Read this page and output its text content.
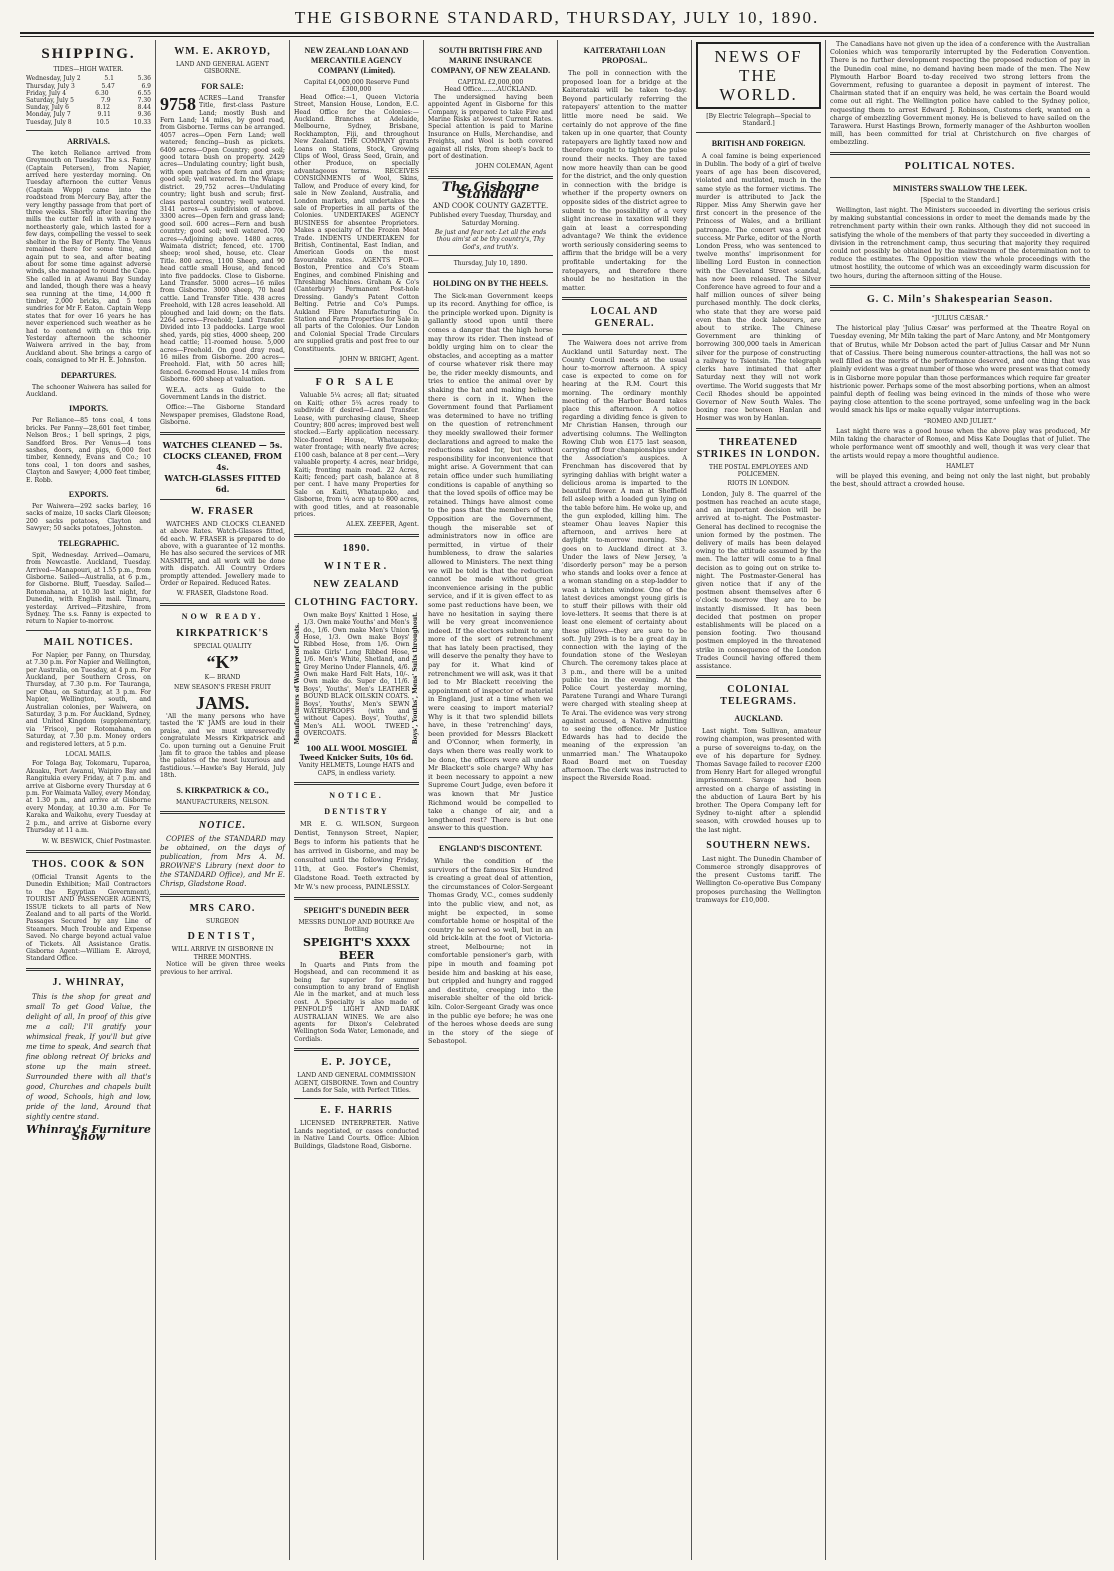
THE GISBORNE STANDARD, THURSDAY, JULY 10, 1890.
SHIPPING.
TIDES—HIGH WATER.
Wednesday, July 2	5.1	5.36
Thursday, July 3	5.47	6.9
Friday, July 4	6.30	6.55
Saturday, July 5	7.9	7.30
Sunday, July 6	8.12	8.44
Monday, July 7	9.11	9.36
Tuesday, July 8	10.5	10.33
ARRIVALS.

The ketch Reliance arrived from Greymouth on Tuesday. The s.s. Fanny (Captain Petersen), from Napier, arrived here yesterday morning. On Tuesday afternoon the cutter Venus (Captain Wepp) came into the roadstead from Mercury Bay, after the very lengthy passage from that port of three weeks. Shortly after leaving the mills the cutter fell in with a heavy northeasterly gale, which lasted for a few days, compelling the vessel to seek shelter in the Bay of Plenty. The Venus remained there for some time, and again put to sea, and after beating about for some time against adverse winds, she managed to round the Cape. She called in at Awanui Bay Sunday and landed, though there was a heavy sea running at the time, 14,000 ft timber, 2,000 bricks, and 5 tons sundries for Mr F. Eaton. Captain Wepp states that for over 16 years he has never experienced such weather as he had to contend with on this trip. Yesterday afternoon the schooner Waiwera arrived in the bay, from Auckland about. She brings a cargo of coals, consigned to Mr H. E. Johnston.

DEPARTURES.

The schooner Waiwera has sailed for Auckland.

IMPORTS.

Per Reliance—85 tons coal, 4 tons bricks. Per Fanny—28,601 feet timber, Nelson Bros.; 1 bell springs, 2 pigs, Sandford Bros. Per Venus—4 tons sashes, doors, and pigs, 6,000 feet timber, Kennedy, Evans and Co.; 10 tons coal, 1 ton doors and sashes, Clayton and Sawyer; 4,000 feet timber, E. Robb.

EXPORTS.

Per Waiwera—292 sacks barley, 16 sacks of maize, 10 sacks Clark Gleeson; 200 sacks potatoes, Clayton and Sawyer; 50 sacks potatoes, Johnston.

TELEGRAPHIC.

Spit, Wednesday. Arrived—Oamaru, from Newcastle. Auckland, Tuesday. Arrived—Manapouri, at 1.55 p.m., from Gisborne. Sailed—Australia, at 6 p.m., for Gisborne. Bluff, Tuesday. Sailed—Rotomahana, at 10.30 last night, for Dunedin, with English mail. Timaru, yesterday. Arrived—Fitzshire, from Sydney. The s.s. Fanny is expected to return to Napier to-morrow.

MAIL NOTICES.

For Napier, per Fanny, on Thursday, at 7.30 p.m. For Napier and Wellington, per Australia, on Tuesday, at 4 p.m. For Auckland, per Southern Cross, on Thursday, at 7.30 p.m. For Tauranga, per Ohau, on Saturday, at 3 p.m. For Napier, Wellington, south, and Australian colonies, per Waiwera, on Saturday, 3 p.m. For Auckland, Sydney, and United Kingdom (supplementary, via 'Frisco), per Rotomahana, on Saturday, at 7.30 p.m. Money orders and registered letters, at 5 p.m.

LOCAL MAILS.

For Tolaga Bay, Tokomaru, Tuparoa, Akuaku, Port Awanui, Waipiro Bay and Rangitukia every Friday, at 7 p.m. and arrive at Gisborne every Thursday at 6 p.m. For Waimata Valley, every Monday, at 1.30 p.m., and arrive at Gisborne every Monday, at 10.30 a.m. For Te Karaka and Waikohu, every Tuesday at 2 p.m., and arrive at Gisborne every Thursday at 11 a.m.

W. W. BESWICK, Chief Postmaster.
THOS. COOK & SON

(Official Transit Agents to the Dunedin Exhibition; Mail Contractors to the Egyptian Government), TOURIST AND PASSENGER AGENTS, ISSUE tickets to all parts of New Zealand and to all parts of the World. Passages Secured by any Line of Steamers. Much Trouble and Expense Saved. No charge beyond actual value of Tickets. All Assistance Gratis. Gisborne Agent:—William E. Akroyd, Standard Office.

J. WHINRAY,

This is the shop for great and small To get Good Value, the delight of all, In proof of this give me a call; I'll gratify your whimsical freak, If you'll but give me time to speak, And search that fine oblong retreat Of bricks and stone up the main street. Surrounded there with all that's good, Churches and chapels built of wood, Schools, high and low, pride of the land, Around that sightly centre stand.

Whinray's Furniture Show
WM. E. AKROYD,
LAND AND GENERAL AGENT GISBORNE.
FOR SALE:
9758 ACRES—Land Transfer Title, first-class Pasture Land; mostly Bush and Fern Land; 14 miles, by good road, from Gisborne. Terms can be arranged. 4057 acres—Open Fern Land; well watered; fencing—bush as pickets. 6409 acres—Open Country; good soil; good totara bush on property. 2429 acres—Undulating country; light bush, with open patches of fern and grass; good soil; well watered. In the Waiapu district. 29,752 acres—Undulating country; light bush and scrub; first-class pastoral country; well watered. 3141 acres—A subdivision of above. 3300 acres—Open fern and grass land; good soil. 600 acres—Fern and bush country; good soil; well watered. 700 acres—Adjoining above. 1480 acres, Waimata district; fenced, etc. 1700 sheep; wool shed, house, etc. Clear Title. 800 acres, 1100 Sheep, and 90 head cattle small House, and fenced into five paddocks. Close to Gisborne. Land Transfer. 5000 acres—16 miles from Gisborne. 3000 sheep, 70 head cattle. Land Transfer Title. 438 acres Freehold, with 128 acres leasehold. All ploughed and laid down; on the flats. 2264 acres—Freehold; Land Transfer. Divided into 13 paddocks. Large wool shed, yards, pig sties, 4000 sheep, 200 head cattle; 11-roomed house. 5,000 acres—Freehold. On good dray road, 16 miles from Gisborne. 200 acres—Freehold. Flat, with 50 acres hill; fenced. 6-roomed House. 14 miles from Gisborne. 600 sheep at valuation.

W.E.A. acts as Guide to the Government Lands in the district.

Office:—The Gisborne Standard Newspaper premises, Gladstone Road, Gisborne.

WATCHES CLEANED — 5s.
CLOCKS CLEANED, FROM 4s.
WATCH-GLASSES FITTED 6d.
W. FRASER

WATCHES AND CLOCKS CLEANED at above Rates. Watch-Glasses fitted, 6d each. W. FRASER is prepared to do above, with a guarantee of 12 months. He has also secured the services of MR NASMITH, and all work will be done with dispatch. All Country Orders promptly attended. Jewellery made to Order or Repaired. Reduced Rates.

W. FRASER, Gladstone Road.
NOW READY.
KIRKPATRICK'S
SPECIAL QUALITY
“K”
K— BRAND
NEW SEASON'S FRESH FRUIT
JAMS.

'All the many persons who have tasted the 'K' JAMS are loud in their praise, and we must unreservedly congratulate Messrs Kirkpatrick and Co. upon turning out a Genuine Fruit Jam fit to grace the tables and please the palates of the most luxurious and fastidious.'—Hawke's Bay Herald, July 18th.

S. KIRKPATRICK & CO.,
MANUFACTURERS, NELSON.
NOTICE.

COPIES of the STANDARD may be obtained, on the days of publication, from Mrs A. M. BROWNE'S Library (next door to the STANDARD Office), and Mr E. Chrisp, Gladstone Road.

MRS CARO.
SURGEON
DENTIST,
WILL ARRIVE IN GISBORNE IN THREE MONTHS.

Notice will be given three weeks previous to her arrival.

NEW ZEALAND LOAN AND MERCANTILE AGENCY COMPANY (Limited).
Capital £4,000,000 Reserve Fund £300,000

Head Office:—1, Queen Victoria Street, Mansion House, London, E.C. Head Office for the Colonies:—Auckland. Branches at Adelaide, Melbourne, Sydney, Brisbane, Rockhampton, Fiji, and throughout New Zealand. THE COMPANY grants Loans on Stations, Stock, Growing Clips of Wool, Grass Seed, Grain, and other Produce, on specially advantageous terms. RECEIVES CONSIGNMENTS of Wool, Skins, Tallow, and Produce of every kind, for sale in New Zealand, Australia, and London markets, and undertakes the sale of Properties in all parts of the Colonies. UNDERTAKES AGENCY BUSINESS for absentee Proprietors. Makes a specialty of the Frozen Meat Trade. INDENTS UNDERTAKEN for British, Continental, East Indian, and American Goods on the most favourable rates. AGENTS FOR— Boston, Prentice and Co's Steam Engines, and combined Finishing and Threshing Machines. Graham & Co's (Canterbury) Permanent Post-hole Dressing. Gandy's Patent Cotton Belting. Petrie and Co's Pumps. Aukland Fibre Manufacturing Co. Station and Farm Properties for Sale in all parts of the Colonies. Our London and Colonial Special Trade Circulars are supplied gratis and post free to our Constituents.

JOHN W. BRIGHT, Agent.
FOR SALE

Valuable 5¼ acres; all flat; situated on Kaiti; other 5¼ acres ready to subdivide if desired—Land Transfer. Lease, with purchasing clause, Sheep Country; 800 acres; improved best well stocked.—Early application necessary. Nice-floored House, Whataupoko; water frontage; with nearly five acres; £100 cash, balance at 8 per cent.—Very valuable property. 4 acres, near bridge, Kaiti; fronting main road. 22 Acres, Kaiti; fenced; part cash, balance at 8 per cent. I have many Properties for Sale on Kaiti, Whataupoko, and Gisborne, from ¼ acre up to 800 acres, with good titles, and at reasonable prices.

ALEX. ZEEFER, Agent.
1890.
WINTER.
NEW ZEALAND
CLOTHING FACTORY.
Manufacturers of Waterproof Coats.

Own make Boys' Knitted 1 Hose, 1/3. Own make Youths' and Men's do., 1/6. Own make Men's Union Hose, 1/3. Own make Boys' Ribbed Hose, from 1/6. Own make Girls' Long Ribbed Hose, 1/6. Men's White, Shetland, and Grey Merino Under Flannels, 4/6. Own make Hard Felt Hats, 10/-. Own make do. Super do, 11/6. Boys', Youths', Men's LEATHER BOUND BLACK OILSKIN COATS. Boys', Youths', Men's SEWN WATERPROOFS (with and without Capes). Boys', Youths', Men's ALL WOOL TWEED OVERCOATS.	Boys', Youths', Mens' Suits throughout.
100 ALL WOOL MOSGIEL Tweed Knicker Suits, 10s 6d.
Vanity HELMETS, Lounge HATS and CAPS, in endless variety.
NOTICE.
DENTISTRY

MR E. G. WILSON, Surgeon Dentist, Tennyson Street, Napier, Begs to inform his patients that he has arrived in Gisborne, and may be consulted until the following Friday, 11th, at Geo. Foster's Chemist, Gladstone Road. Teeth extracted by Mr W.'s new process, PAINLESSLY.

SPEIGHT'S DUNEDIN BEER
MESSRS DUNLOP AND BOURKE Are Bottling
SPEIGHT'S XXXX BEER

In Quarts and Pints from the Hogshead, and can recommend it as being far superior for summer consumption to any brand of English Ale in the market, and at much less cost. A Specialty is also made of PENFOLD'S LIGHT AND DARK AUSTRALIAN WINES. We are also agents for Dixon's Celebrated Wellington Soda Water, Lemonade, and Cordials.

E. P. JOYCE,

LAND AND GENERAL COMMISSION AGENT, GISBORNE. Town and Country Lands for Sale, with Perfect Titles.

E. F. HARRIS

LICENSED INTERPRETER. Native Lands negotiated, or cases conducted in Native Land Courts. Office: Albion Buildings, Gladstone Road, Gisborne.

SOUTH BRITISH FIRE AND MARINE INSURANCE COMPANY, OF NEW ZEALAND.
CAPITAL £2,000,000
Head Office........AUCKLAND.

The undersigned having been appointed Agent in Gisborne for this Company, is prepared to take Fire and Marine Risks at lowest Current Rates. Special attention is paid to Marine Insurance on Hulls, Merchandise, and Freights, and Wool is both covered against all risks, from sheep's back to port of destination.

JOHN COLEMAN, Agent
The Gisborne Standard
AND COOK COUNTY GAZETTE.
Published every Tuesday, Thursday, and Saturday Morning.
Be just and fear not: Let all the ends thou aim'st at be thy country's, Thy God's, and truth's.
Thursday, July 10, 1890.
HOLDING ON BY THE HEELS.

The Sick-man Government keeps up its record. Anything for office, is the principle worked upon. Dignity is gallantly stood upon until there comes a danger that the high horse may throw its rider. Then instead of boldly urging him on to clear the obstacles, and accepting as a matter of course whatever risk there may be, the rider meekly dismounts, and tries to entice the animal over by shaking the hat and making believe there is corn in it. When the Government found that Parliament was determined to have no trifling on the question of retrenchment they meekly swallowed their former declarations and agreed to make the reductions asked for, but without responsibility for inconvenience that might arise. A Government that can retain office under such humiliating conditions is capable of anything so that the loved spoils of office may be retained. Things have almost come to the pass that the members of the Opposition are the Government, though the miserable set of administrators now in office are permitted, in virtue of their humbleness, to draw the salaries allowed to Ministers. The next thing we will be told is that the reduction cannot be made without great inconvenience arising in the public service, and if it is given effect to as some past reductions have been, we have no hesitation in saying there will be very great inconvenience indeed. If the electors submit to any more of the sort of retrenchment that has lately been practised, they will deserve the penalty they have to pay for it. What kind of retrenchment we will ask, was it that led to Mr Blackett receiving the appointment of inspector of material in England, just at a time when we were ceasing to import material? Why is it that two splendid billets have, in these 'retrenching' days, been provided for Messrs Blackett and O'Connor, when formerly, in days when there was really work to be done, the officers were all under Mr Blackett's sole charge? Why has it been necessary to appoint a new Supreme Court Judge, even before it was known that Mr Justice Richmond would be compelled to take a change of air, and a lengthened rest? There is but one answer to this question.

ENGLAND'S DISCONTENT.

While the condition of the survivors of the famous Six Hundred is creating a great deal of attention, the circumstances of Color-Sergeant Thomas Grady, V.C., comes suddenly into the public view, and not, as might be expected, in some comfortable home or hospital of the country he served so well, but in an old brick-kiln at the foot of Victoria-street, Melbourne; not in comfortable pensioner's garb, with pipe in mouth and foaming pot beside him and basking at his ease, but crippled and hungry and ragged and destitute, creeping into the miserable shelter of the old brick-kiln. Color-Sergeant Grady was once in the public eye before; he was one of the heroes whose deeds are sung in the story of the siege of Sebastopol.

KAITERATAHI LOAN PROPOSAL.

The poll in connection with the proposed loan for a bridge at the Kaiterataki will be taken to-day. Beyond particularly referring the ratepayers' attention to the matter little more need be said. We certainly do not approve of the fine taken up in one quarter, that County ratepayers are lightly taxed now and therefore ought to tighten the pulse round their necks. They are taxed now more heavily than can be good for the district, and the only question in connection with the bridge is whether if the property owners on opposite sides of the district agree to submit to the possibility of a very slight increase in taxation will they gain at least a corresponding advantage? We think the evidence worth seriously considering seems to affirm that the bridge will be a very profitable undertaking for the ratepayers, and therefore there should be no hesitation in the matter.

LOCAL AND GENERAL.

The Waiwera does not arrive from Auckland until Saturday next. The County Council meets at the usual hour to-morrow afternoon. A spicy case is expected to come on for hearing at the R.M. Court this morning. The ordinary monthly meeting of the Harbor Board takes place this afternoon. A notice regarding a dividing fence is given to Mr Christian Hansen, through our advertising columns. The Wellington Rowing Club won £175 last season, carrying off four championships under the Association's auspices. A Frenchman has discovered that by syringing dahlias with bright water a delicious aroma is imparted to the beautiful flower. A man at Sheffield fell asleep with a loaded gun lying on the table before him. He woke up, and the gun exploded, killing him. The steamer Ohau leaves Napier this afternoon, and arrives here at daylight to-morrow morning. She goes on to Auckland direct at 3. Under the laws of New Jersey, 'a 'disorderly person'' may be a person who stands and looks over a fence at a woman standing on a step-ladder to wash a kitchen window. One of the latest devices amongst young girls is to stuff their pillows with their old love-letters. It seems that there is at least one element of certainty about these pillows—they are sure to be soft. July 29th is to be a great day in connection with the laying of the foundation stone of the Wesleyan Church. The ceremony takes place at 3 p.m., and there will be a united public tea in the evening. At the Police Court yesterday morning, Paratene Turangi and Whare Turangi were charged with stealing sheep at Te Arai. The evidence was very strong against accused, a Native admitting to seeing the offence. Mr Justice Edwards has had to decide the meaning of the expression 'an unmarried man.' The Whataupoko Road Board met on Tuesday afternoon. The clerk was instructed to inspect the Riverside Road.

NEWS OF THE WORLD.
[By Electric Telegraph—Special to Standard.]
BRITISH AND FOREIGN.

A coal famine is being experienced in Dublin. The body of a girl of twelve years of age has been discovered, violated and mutilated, much in the same style as the former victims. The murder is attributed to Jack the Ripper. Miss Amy Sherwin gave her first concert in the presence of the Princess of Wales, and a brilliant patronage. The concert was a great success. Mr Parke, editor of the North London Press, who was sentenced to twelve months' imprisonment for libelling Lord Euston in connection with the Cleveland Street scandal, has now been released. The Silver Conference have agreed to four and a half million ounces of silver being purchased monthly. The dock clerks, who state that they are worse paid even than the dock labourers, are about to strike. The Chinese Government are thinking of borrowing 300,000 taels in American silver for the purpose of constructing a railway to Tsientsin. The telegraph clerks have intimated that after Saturday next they will not work overtime. The World suggests that Mr Cecil Rhodes should be appointed Governor of New South Wales. The boxing race between Hanlan and Hosmer was won by Hanlan.

THREATENED STRIKES IN LONDON.
THE POSTAL EMPLOYEES AND POLICEMEN.
RIOTS IN LONDON.

London, July 8. The quarrel of the postmen has reached an acute stage, and an important decision will be arrived at to-night. The Postmaster-General has declined to recognise the union formed by the postmen. The delivery of mails has been delayed owing to the attitude assumed by the men. The latter will come to a final decision as to going out on strike to-night. The Postmaster-General has given notice that if any of the postmen absent themselves after 6 o'clock to-morrow they are to be instantly dismissed. It has been decided that postmen on proper establishments will be placed on a pension footing. Two thousand postmen employed in the threatened strike in consequence of the London Trades Council having offered them assistance.

COLONIAL TELEGRAMS.
AUCKLAND.

Last night. Tom Sullivan, amateur rowing champion, was presented with a purse of sovereigns to-day, on the eve of his departure for Sydney. Thomas Savage failed to recover £200 from Henry Hart for alleged wrongful imprisonment. Savage had been arrested on a charge of assisting in the abduction of Laura Bert by his brother. The Opera Company left for Sydney to-night after a splendid season, with crowded houses up to the last night.

SOUTHERN NEWS.

Last night. The Dunedin Chamber of Commerce strongly disapproves of the present Customs tariff. The Wellington Co-operative Bus Company proposes purchasing the Wellington tramways for £10,000.

The Canadians have not given up the idea of a conference with the Australian Colonies which was temporarily interrupted by the Federation Convention. There is no further development respecting the proposed reduction of pay in the Dunedin coal mine, no demand having been made of the men. The New Plymouth Harbor Board to-day received two strong letters from the Government, refusing to guarantee a deposit in payment of interest. The Chairman stated that if an enquiry was held, he was certain the Board would come out all right. The Wellington police have cabled to the Sydney police, requesting them to arrest Edward J. Robinson, Customs clerk, wanted on a charge of embezzling Government money. He is believed to have sailed on the Tarawera. Hurst Hastings Brown, formerly manager of the Ashburton woollen mill, has been committed for trial at Christchurch on five charges of embezzling.

POLITICAL NOTES.
MINISTERS SWALLOW THE LEEK.
[Special to the Standard.]

Wellington, last night. The Ministers succeeded in diverting the serious crisis by making substantial concessions in order to meet the demands made by the retrenchment party within their own ranks. Although they did not succeed in satisfying the whole of the members of that party they succeeded in diverting a division in the retrenchment camp, thus securing that majority they required could not possibly be obtained by the mainstream of the determination not to reduce the estimates. The Opposition view the whole proceedings with the utmost hostility, the outcome of which was an exceedingly warm discussion for two hours, during the afternoon sitting of the House.

G. C. Miln's Shakespearian Season.
“JULIUS CÆSAR.”

The historical play 'Julius Cæsar' was performed at the Theatre Royal on Tuesday evening, Mr Miln taking the part of Marc Antony, and Mr Montgomery that of Brutus, while Mr Dobson acted the part of Julius Cæsar and Mr Nunn that of Cassius. There being numerous counter-attractions, the hall was not so well filled as the merits of the performance deserved, and one thing that was plainly evident was a great number of those who were present was that comedy is in Gisborne more popular than those performances which require far greater histrionic power. Perhaps some of the most absorbing portions, when an almost painful depth of feeling was being evinced in the minds of those who were paying close attention to the scene portrayed, some unfeeling wag in the back would smack his lips or make equally vulgar interruptions.

“ROMEO AND JULIET.”

Last night there was a good house when the above play was produced, Mr Miln taking the character of Romeo, and Miss Kate Douglas that of Juliet. The whole performance went off smoothly and well, though it was very clear that the artists would repay a more thoughtful audience.

HAMLET

will be played this evening, and being not only the last night, but probably the best, should attract a crowded house.
